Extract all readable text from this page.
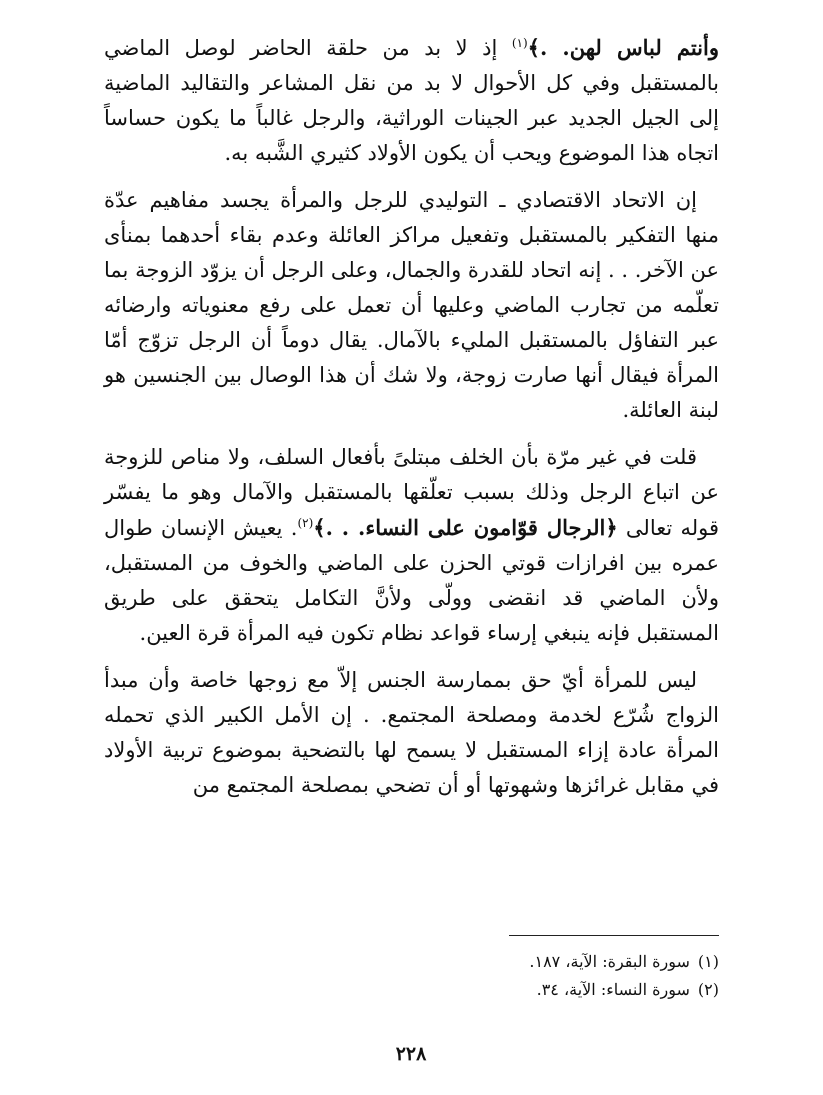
وأنتم لباس لهن. .﴾$^{(١)}$ إذ لا بد من حلقة الحاضر لوصل الماضي بالمستقبل وفي كل الأحوال لا بد من نقل المشاعر والتقاليد الماضية إلى الجيل الجديد عبر الجينات الوراثية، والرجل غالباً ما يكون حساساً اتجاه هذا الموضوع ويحب أن يكون الأولاد كثيري الشَّبه به.

إن الاتحاد الاقتصادي ـ التوليدي للرجل والمرأة يجسد مفاهيم عدّة منها التفكير بالمستقبل وتفعيل مراكز العائلة وعدم بقاء أحدهما بمنأى عن الآخر. . . إنه اتحاد للقدرة والجمال، وعلى الرجل أن يزوّد الزوجة بما تعلّمه من تجارب الماضي وعليها أن تعمل على رفع معنوياته وارضائه عبر التفاؤل بالمستقبل المليء بالآمال. يقال دوماً أن الرجل تزوّج أمّا المرأة فيقال أنها صارت زوجة، ولا شك أن هذا الوصال بين الجنسين هو لبنة العائلة.

قلت في غير مرّة بأن الخلف مبتلىً بأفعال السلف، ولا مناص للزوجة عن اتباع الرجل وذلك بسبب تعلّقها بالمستقبل والآمال وهو ما يفسّر قوله تعالى ﴿الرجال قوّامون على النساء. . .﴾$^{(٢)}$. يعيش الإنسان طوال عمره بين افرازات قوتي الحزن على الماضي والخوف من المستقبل، ولأن الماضي قد انقضى وولّى ولأنَّ التكامل يتحقق على طريق المستقبل فإنه ينبغي إرساء قواعد نظام تكون فيه المرأة قرة العين.

ليس للمرأة أيّ حق بممارسة الجنس إلاّ مع زوجها خاصة وأن مبدأ الزواج شُرّع لخدمة ومصلحة المجتمع. . إن الأمل الكبير الذي تحمله المرأة عادة إزاء المستقبل لا يسمح لها بالتضحية بموضوع تربية الأولاد في مقابل غرائزها وشهوتها أو أن تضحي بمصلحة المجتمع من

(١)سورة البقرة: الآية، ١٨٧.
(٢)سورة النساء: الآية، ٣٤.
٢٢٨
